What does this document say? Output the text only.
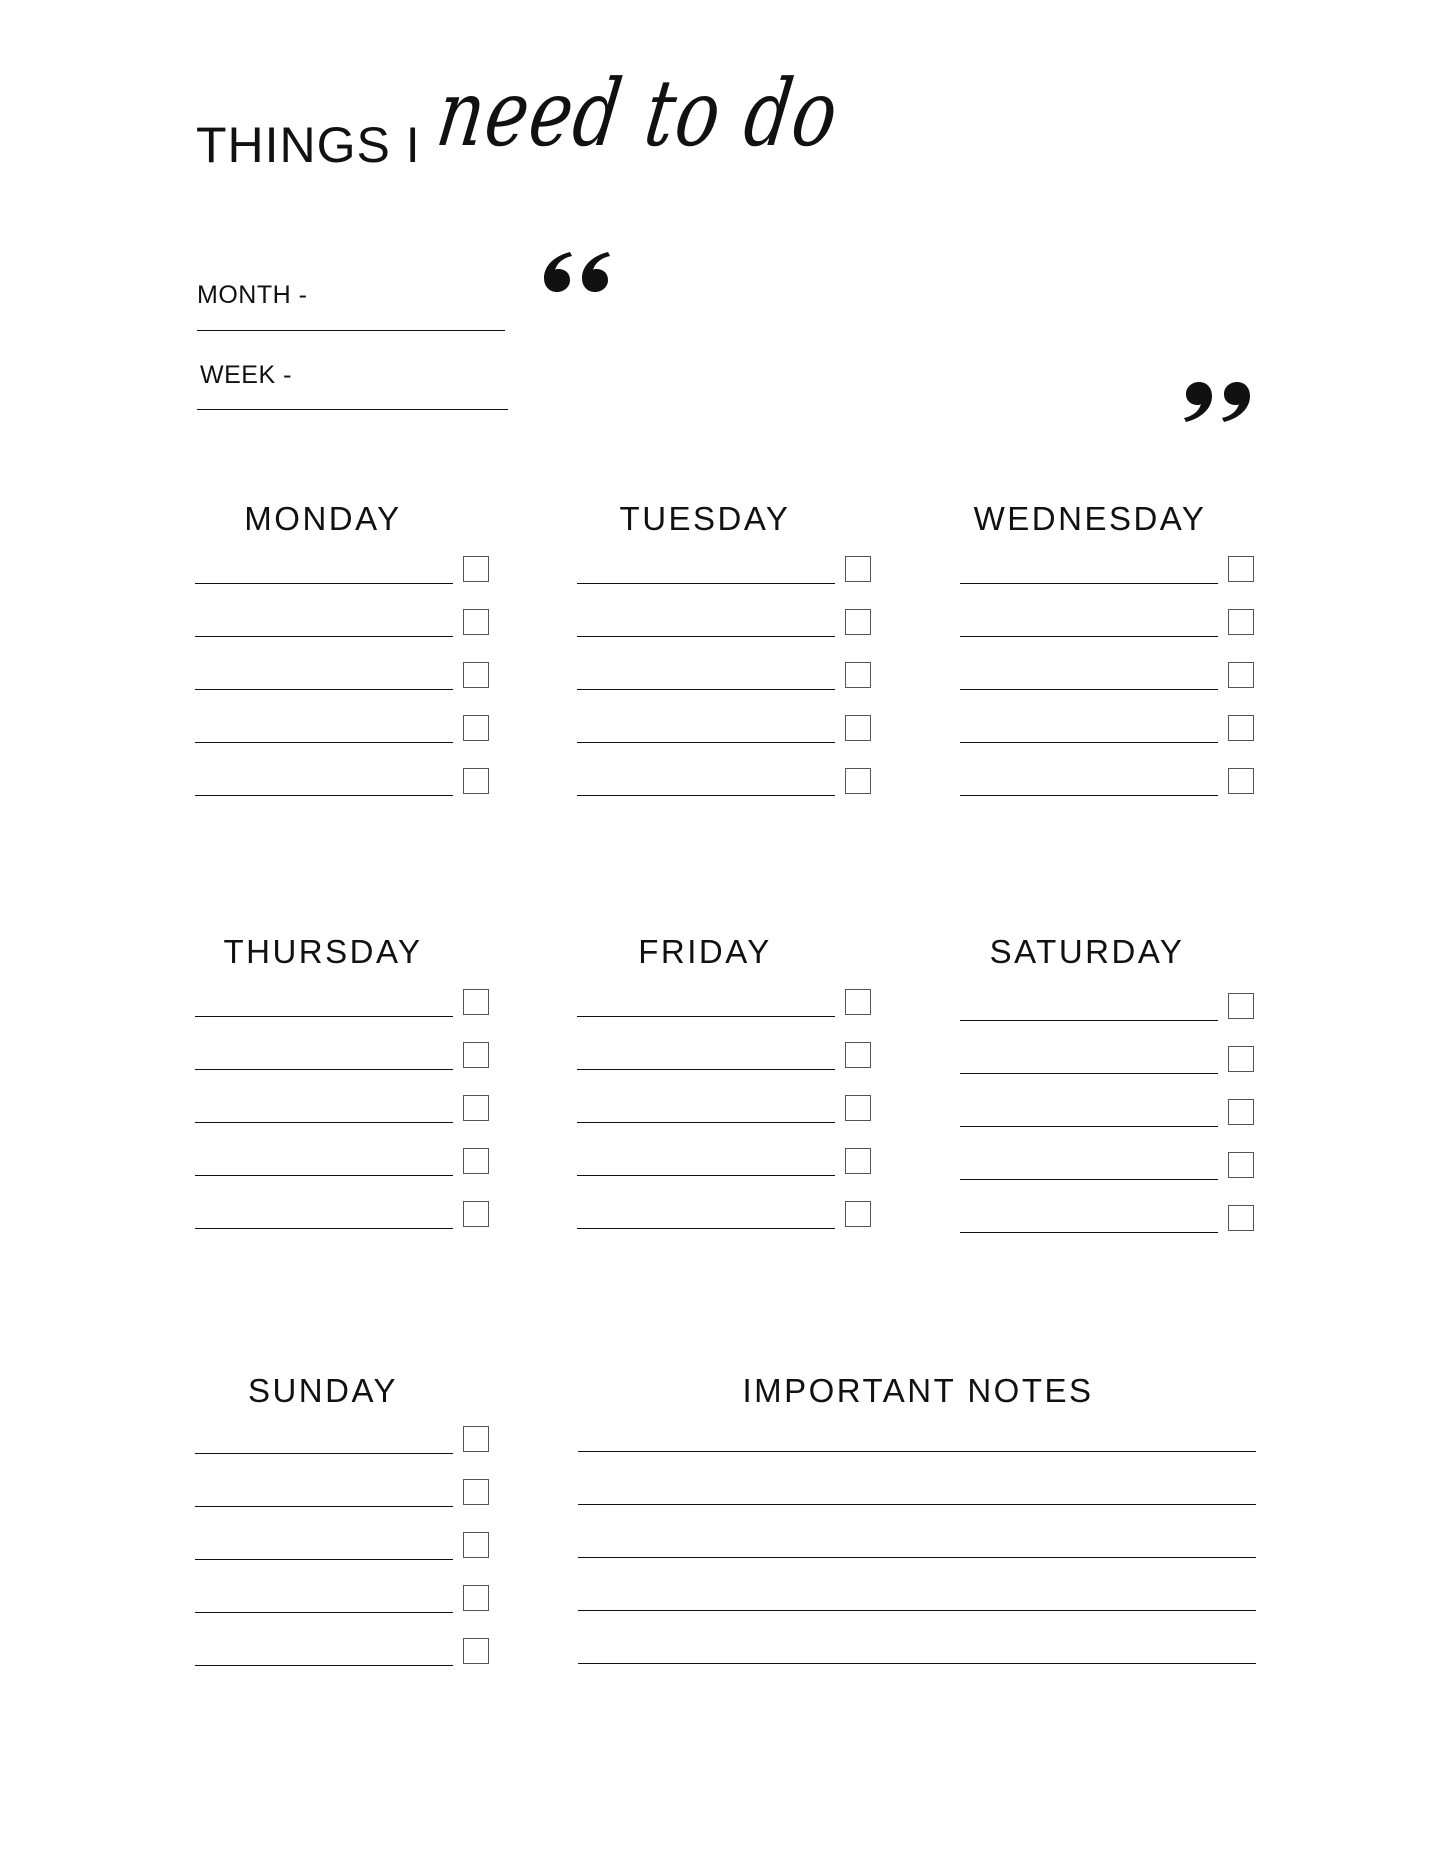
THINGS I need to do
MONTH -
WEEK -
MONDAY	TUESDAY	WEDNESDAY
THURSDAY	FRIDAY	SATURDAY
SUNDAY	IMPORTANT NOTES
